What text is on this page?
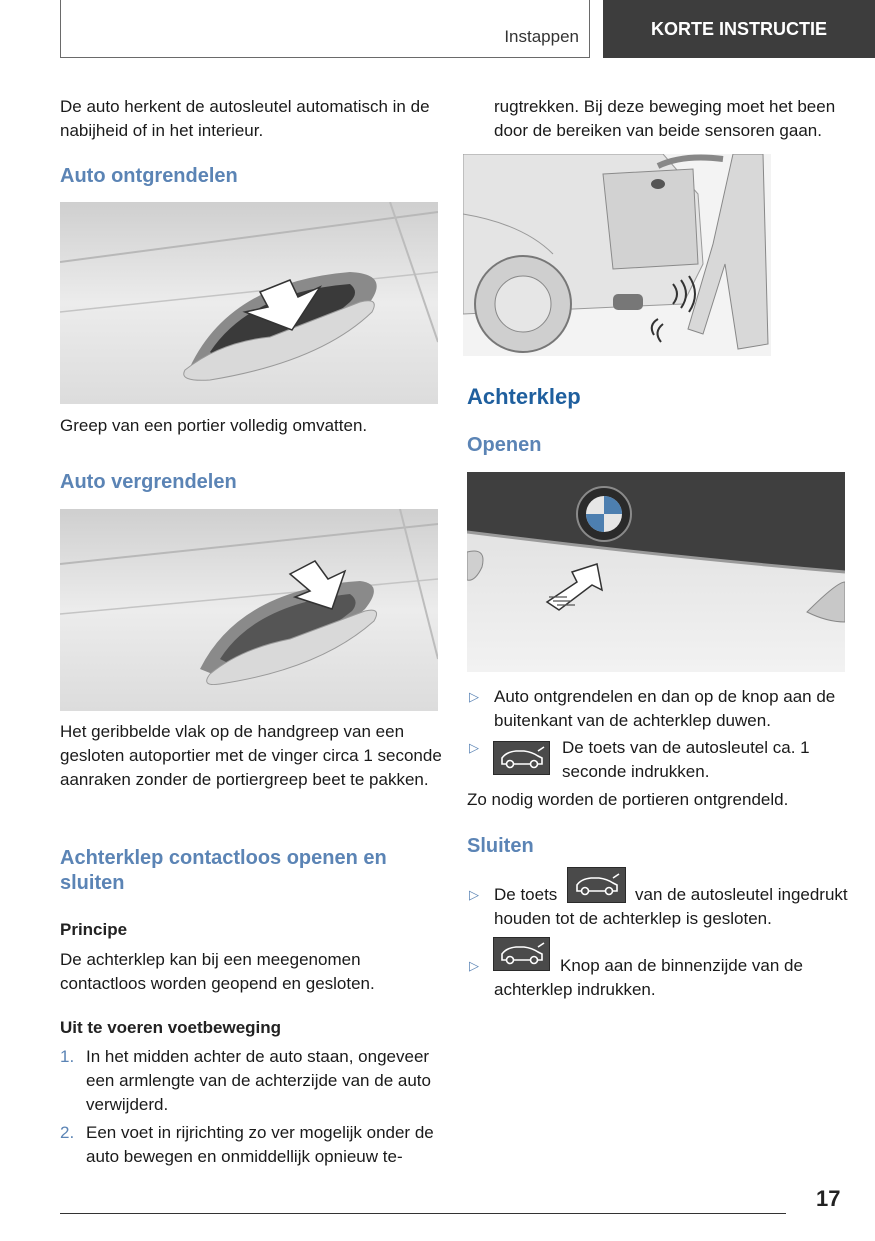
Instappen	KORTE INSTRUCTIE

De auto herkent de autosleutel automatisch in de nabijheid of in het interieur.

Auto ontgrendelen

Greep van een portier volledig omvatten.

Auto vergrendelen

Het geribbelde vlak op de handgreep van een gesloten autoportier met de vinger circa 1 seconde aanraken zonder de portiergreep beet te pakken.

Achterklep contactloos openen en sluiten
Principe

De achterklep kan bij een meegenomen contactloos worden geopend en gesloten.

Uit te voeren voetbeweging
1. In het midden achter de auto staan, ongeveer een armlengte van de achterzijde van de auto verwijderd.
2. Een voet in rijrichting zo ver mogelijk onder de auto bewegen en onmiddellijk opnieuw te-

rugtrekken. Bij deze beweging moet het been door de bereiken van beide sensoren gaan.

Achterklep
Openen
▷ Auto ontgrendelen en dan op de knop aan de buitenkant van de achterklep duwen.
▷	De toets van de autosleutel ca. 1 seconde indrukken.

Zo nodig worden de portieren ontgrendeld.

Sluiten
▷ De toets	van de autosleutel ingedrukt houden tot de achterklep is gesloten.
▷	Knop aan de binnenzijde van de achterklep indrukken.
17
